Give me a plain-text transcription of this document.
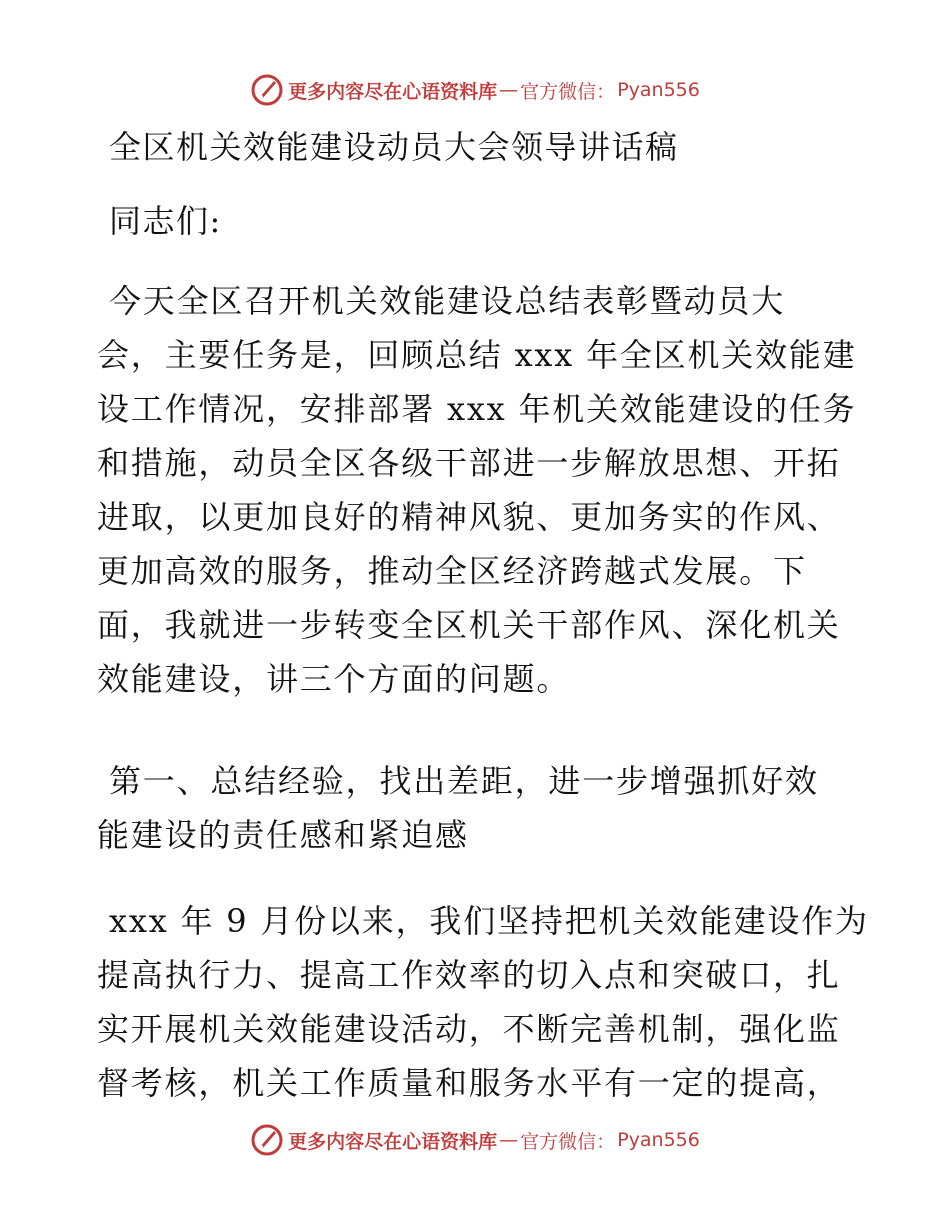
更多内容尽在心语资料库 — 官方微信： Pyan556
全区机关效能建设动员大会领导讲话稿
同志们:
今天全区召开机关效能建设总结表彰暨动员大
会，主要任务是，回顾总结 xxx 年全区机关效能建
设工作情况，安排部署 xxx 年机关效能建设的任务
和措施，动员全区各级干部进一步解放思想、开拓
进取，以更加良好的精神风貌、更加务实的作风、
更加高效的服务，推动全区经济跨越式发展。下
面，我就进一步转变全区机关干部作风、深化机关
效能建设，讲三个方面的问题。
第一、总结经验，找出差距，进一步增强抓好效
能建设的责任感和紧迫感
xxx 年 9 月份以来，我们坚持把机关效能建设作为
提高执行力、提高工作效率的切入点和突破口，扎
实开展机关效能建设活动，不断完善机制，强化监
督考核，机关工作质量和服务水平有一定的提高，
更多内容尽在心语资料库 — 官方微信： Pyan556
